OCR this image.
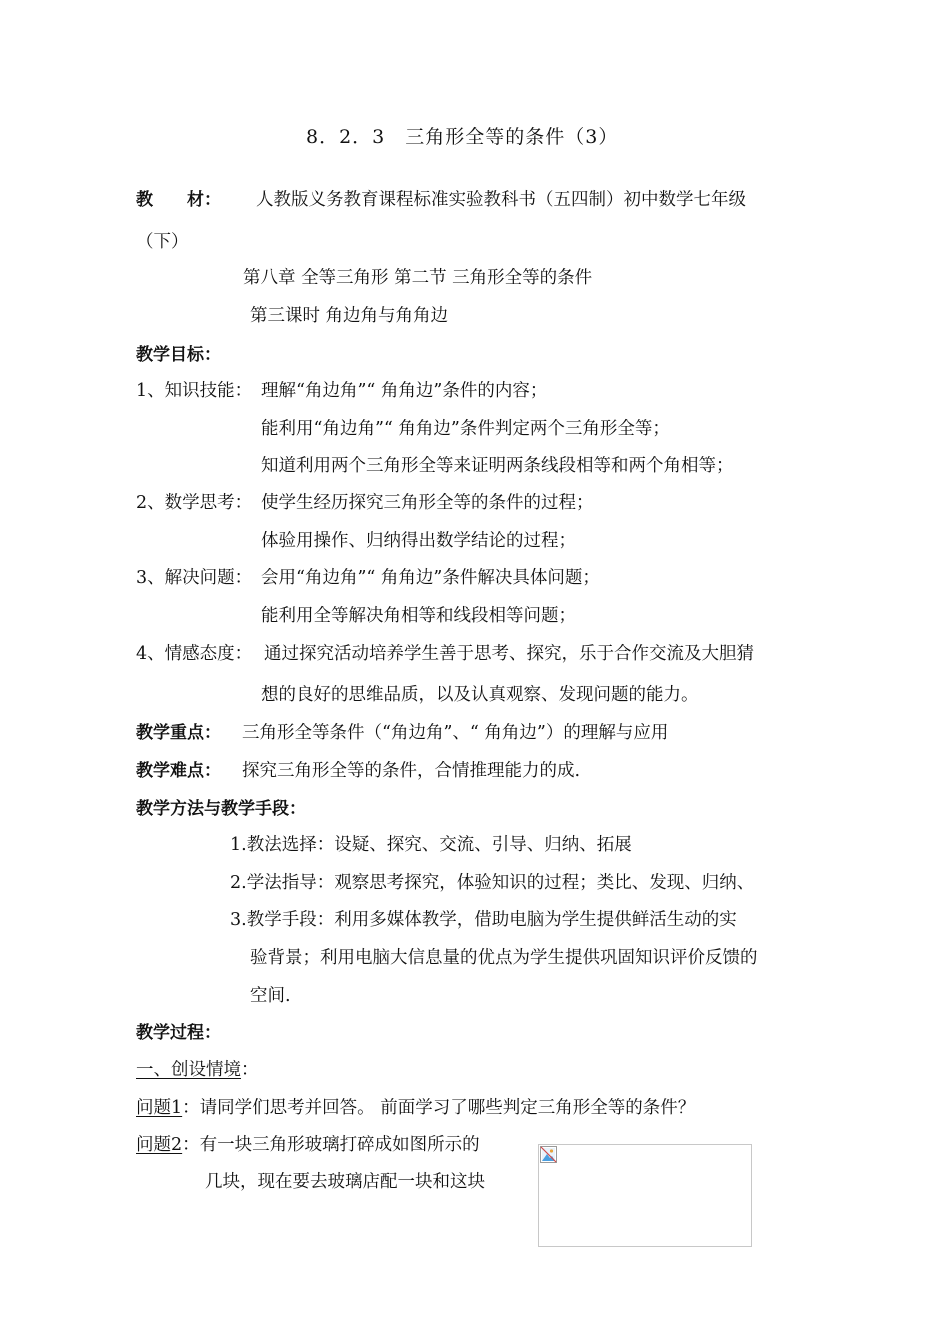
8．2．3　三角形全等的条件（3）
教　　材： 人教版义务教育课程标准实验教科书（五四制）初中数学七年级
（下）
第八章 全等三角形 第二节 三角形全等的条件
第三课时 角边角与角角边
教学目标：
1、知识技能： 理解“角边角”“ 角角边”条件的内容；
能利用“角边角”“ 角角边”条件判定两个三角形全等；
知道利用两个三角形全等来证明两条线段相等和两个角相等；
2、数学思考： 使学生经历探究三角形全等的条件的过程；
体验用操作、归纳得出数学结论的过程；
3、解决问题： 会用“角边角”“ 角角边”条件解决具体问题；
能利用全等解决角相等和线段相等问题；
4、情感态度： 通过探究活动培养学生善于思考、探究，乐于合作交流及大胆猜
想的良好的思维品质，以及认真观察、发现问题的能力。
教学重点： 三角形全等条件（“角边角”、“ 角角边”）的理解与应用
教学难点： 探究三角形全等的条件，合情推理能力的成.
教学方法与教学手段：
1.教法选择：设疑、探究、交流、引导、归纳、拓展
2.学法指导：观察思考探究，体验知识的过程；类比、发现、归纳、
3.教学手段：利用多媒体教学，借助电脑为学生提供鲜活生动的实
验背景；利用电脑大信息量的优点为学生提供巩固知识评价反馈的
空间.
教学过程：
一、创设情境：
问题1：请同学们思考并回答。 前面学习了哪些判定三角形全等的条件？
问题2：有一块三角形玻璃打碎成如图所示的
几块，现在要去玻璃店配一块和这块
